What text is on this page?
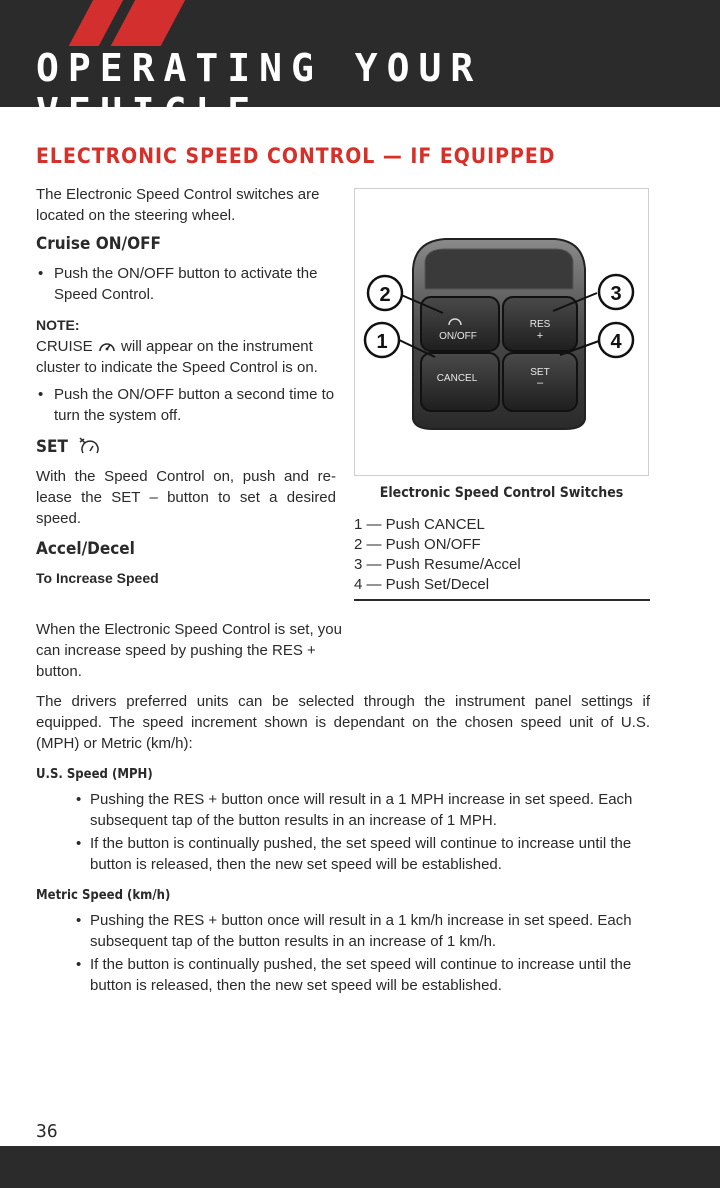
OPERATING YOUR VEHICLE
ELECTRONIC SPEED CONTROL — IF EQUIPPED

The Electronic Speed Control switches are located on the steering wheel.

Cruise ON/OFF

• Push the ON/OFF button to activate the Speed Control.

NOTE:

CRUISE will appear on the instrument cluster to indicate the Speed Control is on.

• Push the ON/OFF button a second time to turn the system off.

SET

With the Speed Control on, push and re-lease the SET – button to set a desired speed.

Accel/Decel

To Increase Speed

ON/OFF
RES
+
CANCEL
SET
–
2
1
3
4
Electronic Speed Control Switches
1 — Push CANCEL
2 — Push ON/OFF
3 — Push Resume/Accel
4 — Push Set/Decel

When the Electronic Speed Control is set, you can increase speed by pushing the RES + button.

The drivers preferred units can be selected through the instrument panel settings if equipped. The speed increment shown is dependant on the chosen speed unit of U.S. (MPH) or Metric (km/h):

U.S. Speed (MPH)

• Pushing the RES + button once will result in a 1 MPH increase in set speed. Each subsequent tap of the button results in an increase of 1 MPH.

• If the button is continually pushed, the set speed will continue to increase until the button is released, then the new set speed will be established.

Metric Speed (km/h)

• Pushing the RES + button once will result in a 1 km/h increase in set speed. Each subsequent tap of the button results in an increase of 1 km/h.

• If the button is continually pushed, the set speed will continue to increase until the button is released, then the new set speed will be established.

36
